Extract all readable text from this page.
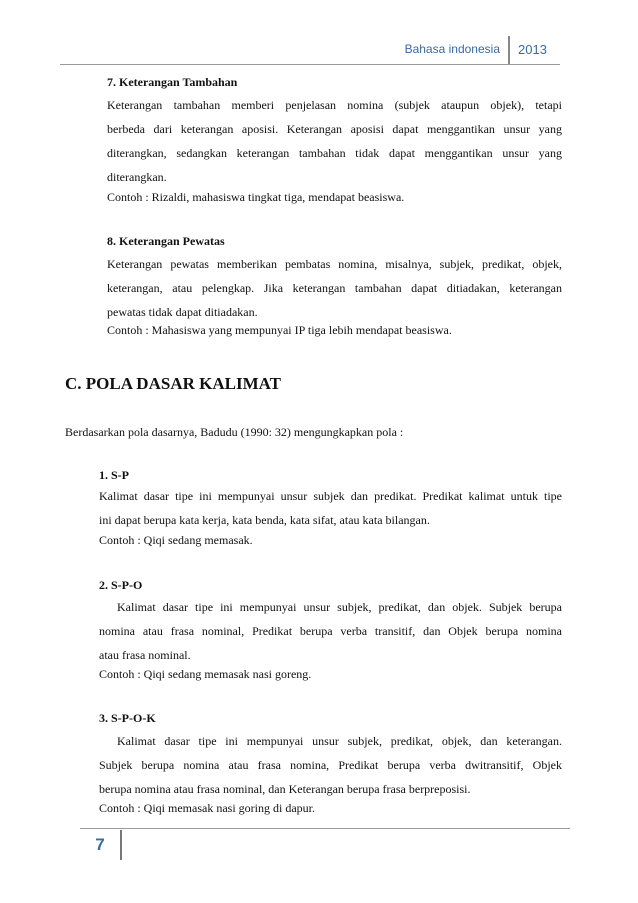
Bahasa indonesia	2013
7. Keterangan Tambahan
Keterangan tambahan memberi penjelasan nomina (subjek ataupun objek), tetapi
berbeda dari keterangan aposisi. Keterangan aposisi dapat menggantikan unsur yang
diterangkan, sedangkan keterangan tambahan tidak dapat menggantikan unsur yang
diterangkan.
Contoh : Rizaldi, mahasiswa tingkat tiga, mendapat beasiswa.
8. Keterangan Pewatas
Keterangan pewatas memberikan pembatas nomina, misalnya, subjek, predikat, objek,
keterangan, atau pelengkap. Jika keterangan tambahan dapat ditiadakan, keterangan
pewatas tidak dapat ditiadakan.
Contoh : Mahasiswa yang mempunyai IP tiga lebih mendapat beasiswa.
C. POLA DASAR KALIMAT
Berdasarkan pola dasarnya, Badudu (1990: 32) mengungkapkan pola :
1. S-P
Kalimat dasar tipe ini mempunyai unsur subjek dan predikat. Predikat kalimat untuk tipe
ini dapat berupa kata kerja, kata benda, kata sifat, atau kata bilangan.
Contoh : Qiqi sedang memasak.
2. S-P-O
Kalimat dasar tipe ini mempunyai unsur subjek, predikat, dan objek. Subjek berupa
nomina atau frasa nominal, Predikat berupa verba transitif, dan Objek berupa nomina
atau frasa nominal.
Contoh : Qiqi sedang memasak nasi goreng.
3. S-P-O-K
Kalimat dasar tipe ini mempunyai unsur subjek, predikat, objek, dan keterangan.
Subjek berupa nomina atau frasa nomina, Predikat berupa verba dwitransitif, Objek
berupa nomina atau frasa nominal, dan Keterangan berupa frasa berpreposisi.
Contoh : Qiqi memasak nasi goring di dapur.
7
